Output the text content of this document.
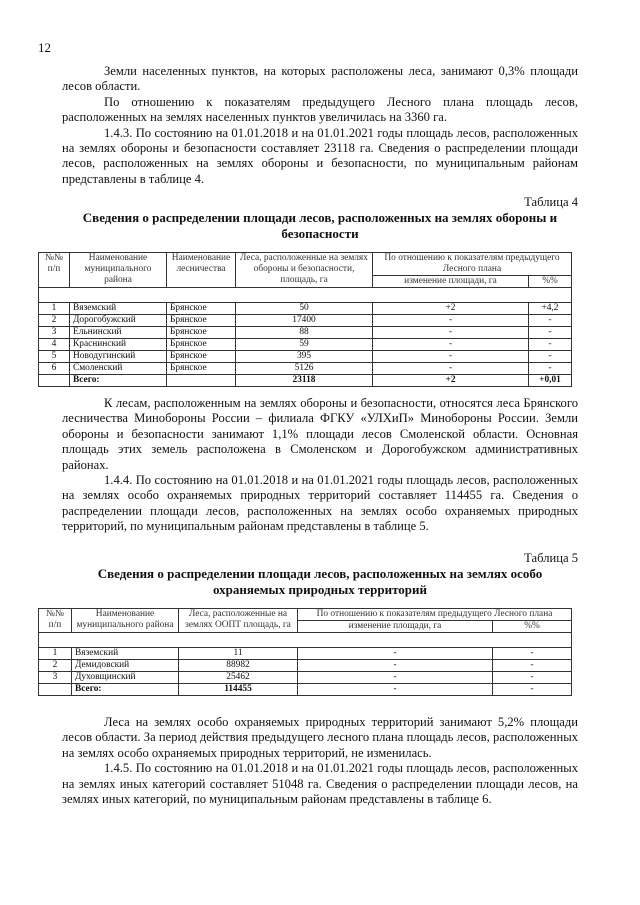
12

Земли населенных пунктов, на которых расположены леса, занимают 0,3% площади лесов области.

По отношению к показателям предыдущего Лесного плана площадь лесов, расположенных на землях населенных пунктов увеличилась на 3360 га.

1.4.3. По состоянию на 01.01.2018 и на 01.01.2021 годы площадь лесов, расположенных на землях обороны и безопасности составляет 23118 га. Сведения о распределении площади лесов, расположенных на землях обороны и безопасности, по муниципальным районам представлены в таблице 4.

Таблица 4
Сведения о распределении площади лесов, расположенных на землях обороны и безопасности
№№ п/п	Наименование муниципального района	Наименование лесничества	Леса, расположенные на землях обороны и безопасности, площадь, га	По отношению к показателям предыдущего Лесного плана	
				изменение площади, га	%%

1	Вяземский	Брянское	50	+2	+4,2
2	Дорогобужский	Брянское	17400	-	-
3	Ельнинский	Брянское	88	-	-
4	Краснинский	Брянское	59	-	-
5	Новодугинский	Брянское	395	-	-
6	Смоленский	Брянское	5126	-	-
	Всего:		23118	+2	+0,01

К лесам, расположенным на землях обороны и безопасности, относятся леса Брянского лесничества Минобороны России – филиала ФГКУ «УЛХиП» Минобороны России. Земли обороны и безопасности занимают 1,1% площади лесов Смоленской области. Основная площадь этих земель расположена в Смоленском и Дорогобужском административных районах.

1.4.4. По состоянию на 01.01.2018 и на 01.01.2021 годы площадь лесов, расположенных на землях особо охраняемых природных территорий составляет 114455 га. Сведения о распределении площади лесов, расположенных на землях особо охраняемых природных территорий, по муниципальным районам представлены в таблице 5.

Таблица 5
Сведения о распределении площади лесов, расположенных на землях особо охраняемых природных территорий
№№ п/п	Наименование муниципального района	Леса, расположенные на землях ООПТ площадь, га	По отношению к показателям предыдущего Лесного плана	
			изменение площади, га	%%

1	Вяземский	11	-	-
2	Демидовский	88982	-	-
3	Духовщинский	25462	-	-
	Всего:	114455	-	-

Леса на землях особо охраняемых природных территорий занимают 5,2% площади лесов области. За период действия предыдущего лесного плана площадь лесов, расположенных на землях особо охраняемых природных территорий, не изменилась.

1.4.5. По состоянию на 01.01.2018 и на 01.01.2021 годы площадь лесов, расположенных на землях иных категорий составляет 51048 га. Сведения о распределении площади лесов, на землях иных категорий, по муниципальным районам представлены в таблице 6.
